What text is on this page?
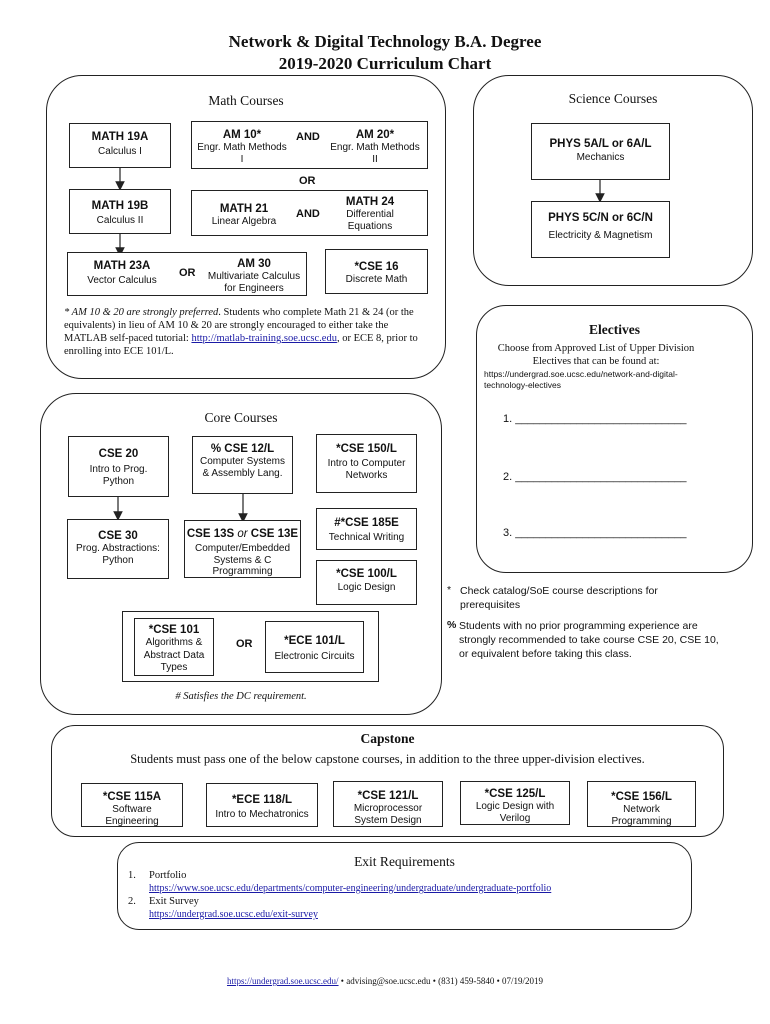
Network & Digital Technology B.A. Degree
2019-2020 Curriculum Chart
Math Courses
MATH 19A
Calculus I
AM 10*
Engr. Math Methods I
AND	AM 20*
Engr. Math Methods II
OR
MATH 19B
Calculus II
MATH 21
Linear Algebra
AND
MATH 24
Differential Equations
MATH 23A
Vector Calculus
OR
AM 30
Multivariate Calculus for Engineers
*CSE 16
Discrete Math
* AM 10 & 20 are strongly preferred. Students who complete Math 21 & 24 (or the equivalents) in lieu of AM 10 & 20 are strongly encouraged to either take the MATLAB self-paced tutorial: http://matlab-training.soe.ucsc.edu, or ECE 8, prior to enrolling into ECE 101/L.
Science Courses
PHYS 5A/L or 6A/L
Mechanics
PHYS 5C/N or 6C/N
Electricity & Magnetism
Electives
Choose from Approved List of Upper Division Electives that can be found at:
https://undergrad.soe.ucsc.edu/network-and-digital-technology-electives
1. ____________________________
2. ____________________________
3. ____________________________
Core Courses
CSE 20
Intro to Prog. Python
% CSE 12/L
Computer Systems & Assembly Lang.
*CSE 150/L
Intro to Computer Networks
#*CSE 185E
Technical Writing
CSE 30
Prog. Abstractions: Python
CSE 13S or CSE 13E
Computer/Embedded Systems & C Programming	*CSE 100/L
Logic Design
*CSE 101
Algorithms & Abstract Data Types
OR	*ECE 101/L
Electronic Circuits
# Satisfies the DC requirement.
* Check catalog/SoE course descriptions for prerequisites
% Students with no prior programming experience are strongly recommended to take course CSE 20, CSE 10, or equivalent before taking this class.
Capstone
Students must pass one of the below capstone courses, in addition to the three upper-division electives.
*CSE 115A
Software Engineering
*ECE 118/L
Intro to Mechatronics
*CSE 121/L
Microprocessor System Design
*CSE 125/L
Logic Design with Verilog
*CSE 156/L
Network Programming
Exit Requirements
1. Portfolio
https://www.soe.ucsc.edu/departments/computer-engineering/undergraduate/undergraduate-portfolio
2. Exit Survey
https://undergrad.soe.ucsc.edu/exit-survey
https://undergrad.soe.ucsc.edu/ • advising@soe.ucsc.edu • (831) 459-5840 • 07/19/2019
